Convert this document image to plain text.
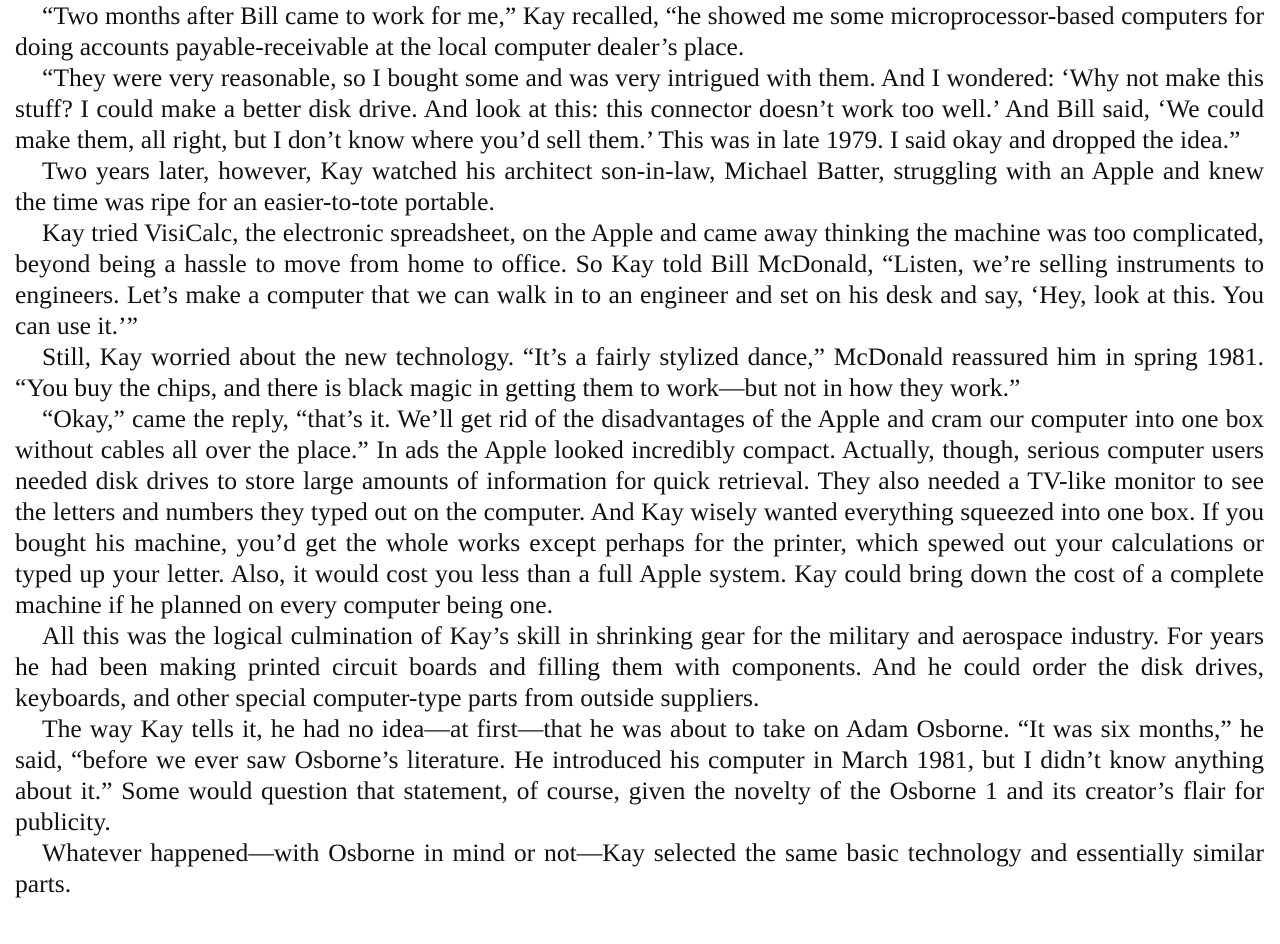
“Two months after Bill came to work for me,” Kay recalled, “he showed me some microprocessor-based computers for doing accounts payable-receivable at the local computer dealer’s place.

“They were very reasonable, so I bought some and was very intrigued with them. And I wondered: ‘Why not make this stuff? I could make a better disk drive. And look at this: this connector doesn’t work too well.’ And Bill said, ‘We could make them, all right, but I don’t know where you’d sell them.’ This was in late 1979. I said okay and dropped the idea.”

Two years later, however, Kay watched his architect son-in-law, Michael Batter, struggling with an Apple and knew the time was ripe for an easier-to-tote portable.

Kay tried VisiCalc, the electronic spreadsheet, on the Apple and came away thinking the machine was too complicated, beyond being a hassle to move from home to office. So Kay told Bill McDonald, “Listen, we’re selling instruments to engineers. Let’s make a computer that we can walk in to an engineer and set on his desk and say, ‘Hey, look at this. You can use it.’”

Still, Kay worried about the new technology. “It’s a fairly stylized dance,” McDonald reassured him in spring 1981. “You buy the chips, and there is black magic in getting them to work—but not in how they work.”

“Okay,” came the reply, “that’s it. We’ll get rid of the disadvantages of the Apple and cram our computer into one box without cables all over the place.” In ads the Apple looked incredibly compact. Actually, though, serious computer users needed disk drives to store large amounts of information for quick retrieval. They also needed a TV-like monitor to see the letters and numbers they typed out on the computer. And Kay wisely wanted everything squeezed into one box. If you bought his machine, you’d get the whole works except perhaps for the printer, which spewed out your calculations or typed up your letter. Also, it would cost you less than a full Apple system. Kay could bring down the cost of a complete machine if he planned on every computer being one.

All this was the logical culmination of Kay’s skill in shrinking gear for the military and aerospace industry. For years he had been making printed circuit boards and filling them with components. And he could order the disk drives, keyboards, and other special computer-type parts from outside suppliers.

The way Kay tells it, he had no idea—at first—that he was about to take on Adam Osborne. “It was six months,” he said, “before we ever saw Osborne’s literature. He introduced his computer in March 1981, but I didn’t know anything about it.” Some would question that statement, of course, given the novelty of the Osborne 1 and its creator’s flair for publicity.

Whatever happened—with Osborne in mind or not—Kay selected the same basic technology and essentially similar parts.
